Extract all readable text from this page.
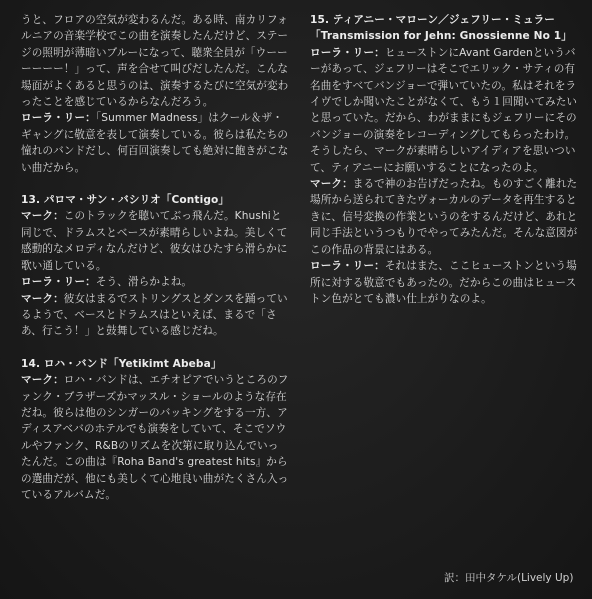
うと、フロアの空気が変わるんだ。ある時、南カリフォルニアの音楽学校でこの曲を演奏したんだけど、ステージの照明が薄暗いブルーになって、聴衆全員が「ウーーーーーー！」って、声を合せて叫びだしたんだ。こんな場面がよくあると思うのは、演奏するたびに空気が変わったことを感じているからなんだろう。

ローラ・リー：「Summer Madness」はクール＆ザ・ギャングに敬意を表して演奏している。彼らは私たちの憧れのバンドだし、何百回演奏しても絶対に飽きがこない曲だから。

13. パロマ・サン・バシリオ「Contigo」

マーク：このトラックを聴いてぶっ飛んだ。Khushiと同じで、ドラムスとベースが素晴らしいよね。美しくて感動的なメロディなんだけど、彼女はひたすら滑らかに歌い通している。

ローラ・リー：そう、滑らかよね。

マーク：彼女はまるでストリングスとダンスを踊っているようで、ベースとドラムスはといえば、まるで「さあ、行こう！」と鼓舞している感じだね。

14. ロハ・バンド「Yetikimt Abeba」

マーク：ロハ・バンドは、エチオピアでいうところのファンク・ブラザーズかマッスル・ショールのような存在だね。彼らは他のシンガーのバッキングをする一方、アディスアベバのホテルでも演奏をしていて、そこでソウルやファンク、R&Bのリズムを次第に取り込んでいったんだ。この曲は『Roha Band's greatest hits』からの選曲だが、他にも美しくて心地良い曲がたくさん入っているアルバムだ。

15. ティアニー・マローン／ジェフリー・ミュラー

「Transmission for Jehn: Gnossienne No 1」

ローラ・リー：ヒューストンにAvant Gardenというバーがあって、ジェフリーはそこでエリック・サティの有名曲をすべてバンジョーで弾いていたの。私はそれをライヴでしか聞いたことがなくて、もう１回聞いてみたいと思っていた。だから、わがままにもジェフリーにそのバンジョーの演奏をレコーディングしてもらったわけ。そうしたら、マークが素晴らしいアイディアを思いついて、ティアニーにお願いすることになったのよ。

マーク：まるで神のお告げだったね。ものすごく離れた場所から送られてきたヴォーカルのデータを再生するときに、信号変換の作業というのをするんだけど、あれと同じ手法というつもりでやってみたんだ。そんな意図がこの作品の背景にはある。

ローラ・リー：それはまた、ここヒューストンという場所に対する敬意でもあったの。だからこの曲はヒューストン色がとても濃い仕上がりなのよ。

訳：田中タケル(Lively Up)
